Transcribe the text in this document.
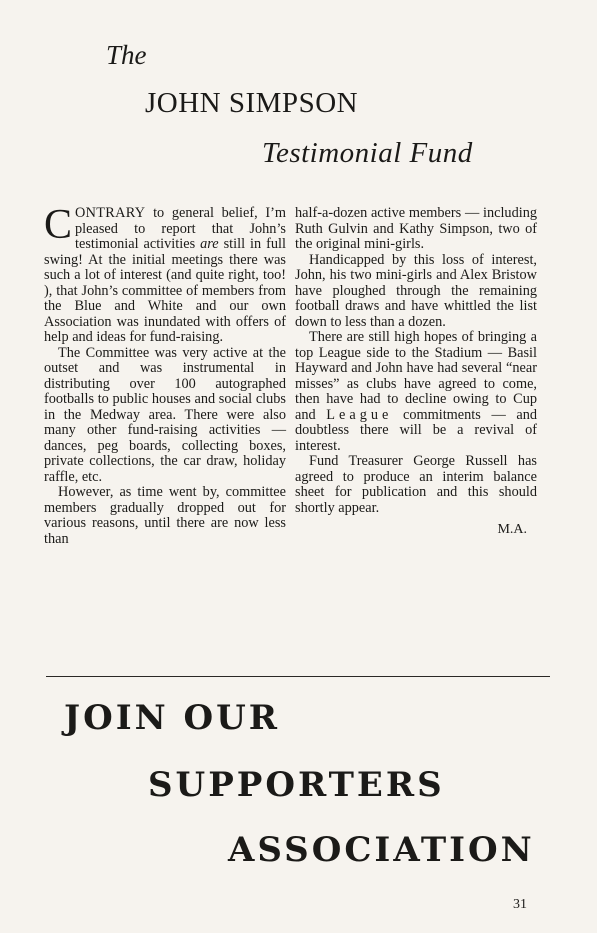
The
JOHN SIMPSON
Testimonial Fund

CONTRARY to general belief, I’m pleased to report that John’s testimonial activities are still in full swing! At the initial meetings there was such a lot of interest (and quite right, too! ), that John’s committee of members from the Blue and White and our own Association was inundated with offers of help and ideas for fund-raising.

The Committee was very active at the outset and was instrumental in distributing over 100 autographed footballs to public houses and social clubs in the Medway area. There were also many other fund-raising activities — dances, peg boards, collecting boxes, private collections, the car draw, holiday raffle, etc.

However, as time went by, committee members gradually dropped out for various reasons, until there are now less than

half-a-dozen active members — including Ruth Gulvin and Kathy Simpson, two of the original mini-girls.

Handicapped by this loss of interest, John, his two mini-girls and Alex Bristow have ploughed through the remaining football draws and have whittled the list down to less than a dozen.

There are still high hopes of bringing a top League side to the Stadium — Basil Hayward and John have had several “near misses” as clubs have agreed to come, then have had to decline owing to Cup and League commitments — and doubtless there will be a revival of interest.

Fund Treasurer George Russell has agreed to produce an interim balance sheet for publication and this should shortly appear.

M.A.
JOIN OUR
SUPPORTERS
ASSOCIATION
31
